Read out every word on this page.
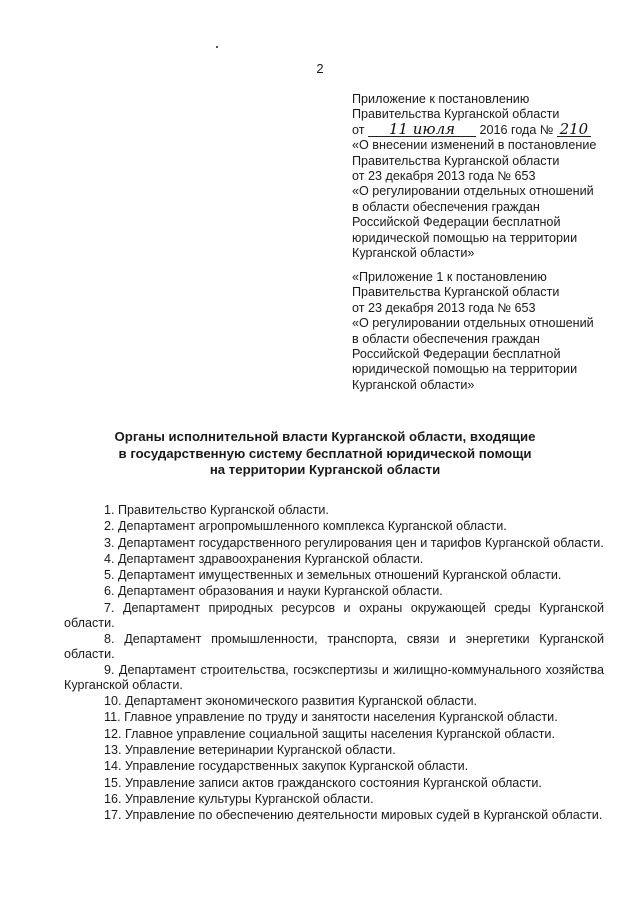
2

Приложение к постановлению

Правительства Курганской области

от 11 июля 2016 года № 210

«О внесении изменений в постановление

Правительства Курганской области

от 23 декабря 2013 года № 653

«О регулировании отдельных отношений

в области обеспечения граждан

Российской Федерации бесплатной

юридической помощью на территории

Курганской области»

«Приложение 1 к постановлению

Правительства Курганской области

от 23 декабря 2013 года № 653

«О регулировании отдельных отношений

в области обеспечения граждан

Российской Федерации бесплатной

юридической помощью на территории

Курганской области»

Органы исполнительной власти Курганской области, входящие
в государственную систему бесплатной юридической помощи
на территории Курганской области
1. Правительство Курганской области.
2. Департамент агропромышленного комплекса Курганской области.
3. Департамент государственного регулирования цен и тарифов Курганской области.
4. Департамент здравоохранения Курганской области.
5. Департамент имущественных и земельных отношений Курганской области.
6. Департамент образования и науки Курганской области.
7. Департамент природных ресурсов и охраны окружающей среды Курганской области.
8. Департамент промышленности, транспорта, связи и энергетики Курганской области.
9. Департамент строительства, госэкспертизы и жилищно-коммунального хозяйства Курганской области.
10. Департамент экономического развития Курганской области.
11. Главное управление по труду и занятости населения Курганской области.
12. Главное управление социальной защиты населения Курганской области.
13. Управление ветеринарии Курганской области.
14. Управление государственных закупок Курганской области.
15. Управление записи актов гражданского состояния Курганской области.
16. Управление культуры Курганской области.
17. Управление по обеспечению деятельности мировых судей в Курганской области.
